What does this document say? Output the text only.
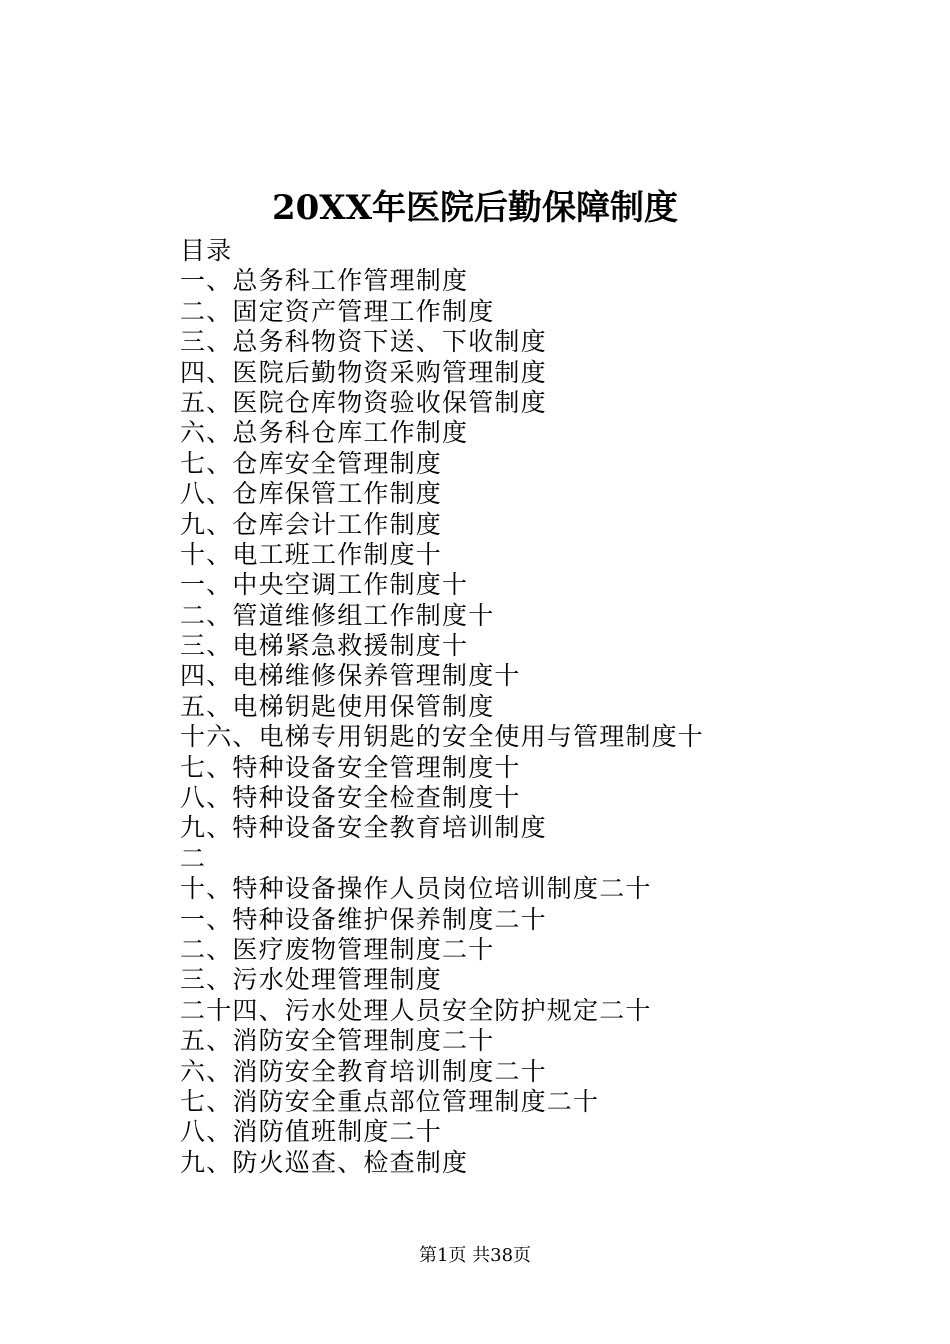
20XX年医院后勤保障制度
目录
一、总务科工作管理制度
二、固定资产管理工作制度
三、总务科物资下送、下收制度
四、医院后勤物资采购管理制度
五、医院仓库物资验收保管制度
六、总务科仓库工作制度
七、仓库安全管理制度
八、仓库保管工作制度
九、仓库会计工作制度
十、电工班工作制度十
一、中央空调工作制度十
二、管道维修组工作制度十
三、电梯紧急救援制度十
四、电梯维修保养管理制度十
五、电梯钥匙使用保管制度
十六、电梯专用钥匙的安全使用与管理制度十
七、特种设备安全管理制度十
八、特种设备安全检查制度十
九、特种设备安全教育培训制度
二
十、特种设备操作人员岗位培训制度二十
一、特种设备维护保养制度二十
二、医疗废物管理制度二十
三、污水处理管理制度
二十四、污水处理人员安全防护规定二十
五、消防安全管理制度二十
六、消防安全教育培训制度二十
七、消防安全重点部位管理制度二十
八、消防值班制度二十
九、防火巡查、检查制度
第1页 共38页
